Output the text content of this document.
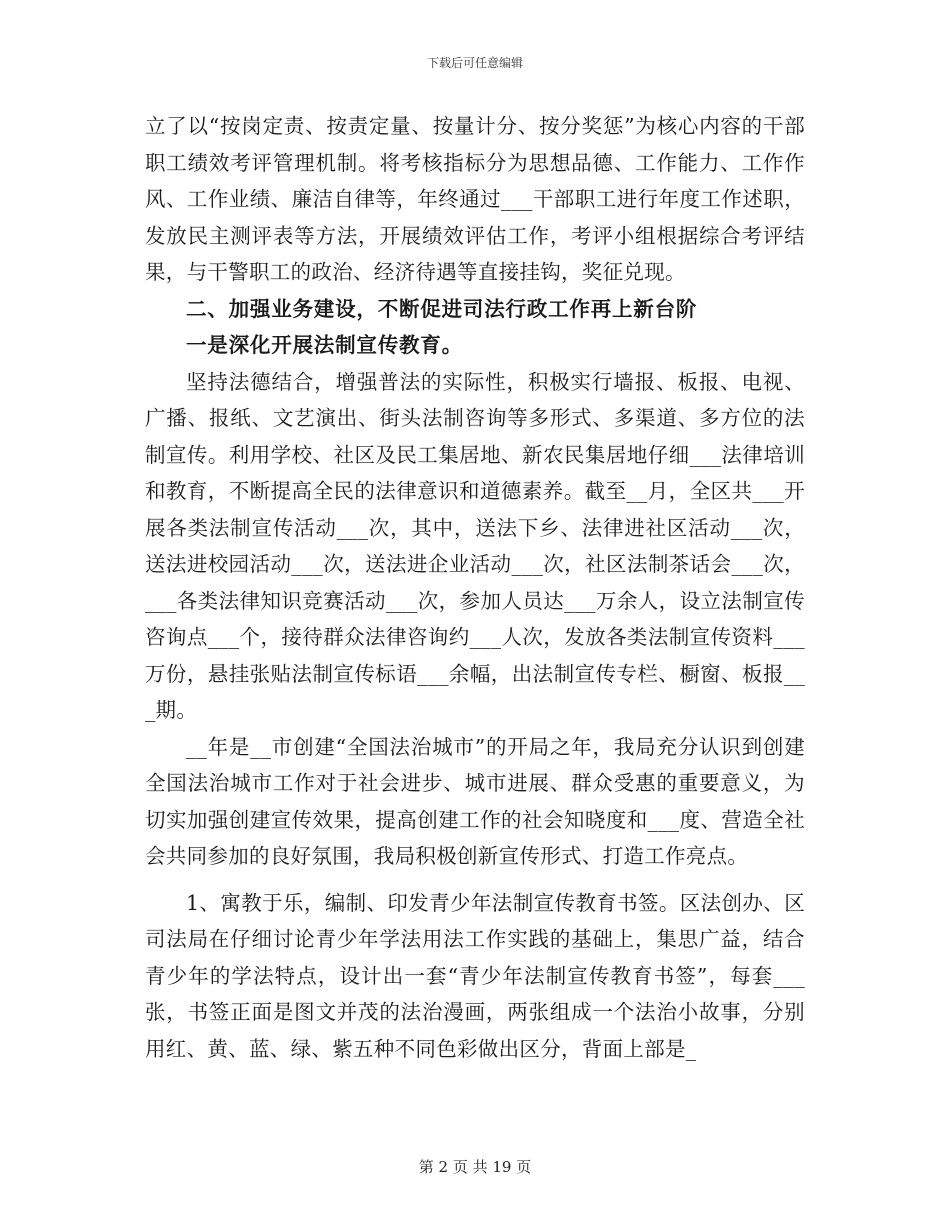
下载后可任意编辑

立了以“按岗定责、按责定量、按量计分、按分奖惩”为核心内容的干部职工绩效考评管理机制。将考核指标分为思想品德、工作能力、工作作风、工作业绩、廉洁自律等，年终通过___干部职工进行年度工作述职，发放民主测评表等方法，开展绩效评估工作，考评小组根据综合考评结果，与干警职工的政治、经济待遇等直接挂钩，奖征兑现。

二、加强业务建设，不断促进司法行政工作再上新台阶

一是深化开展法制宣传教育。

坚持法德结合，增强普法的实际性，积极实行墙报、板报、电视、广播、报纸、文艺演出、街头法制咨询等多形式、多渠道、多方位的法制宣传。利用学校、社区及民工集居地、新农民集居地仔细___法律培训和教育，不断提高全民的法律意识和道德素养。截至__月，全区共___开展各类法制宣传活动___次，其中，送法下乡、法律进社区活动___次，送法进校园活动___次，送法进企业活动___次，社区法制茶话会___次，___各类法律知识竞赛活动___次，参加人员达___万余人，设立法制宣传咨询点___个，接待群众法律咨询约___人次，发放各类法制宣传资料___万份，悬挂张贴法制宣传标语___余幅，出法制宣传专栏、橱窗、板报___期。

__年是__市创建“全国法治城市”的开局之年，我局充分认识到创建全国法治城市工作对于社会进步、城市进展、群众受惠的重要意义，为切实加强创建宣传效果，提高创建工作的社会知晓度和___度、营造全社会共同参加的良好氛围，我局积极创新宣传形式、打造工作亮点。

1、寓教于乐，编制、印发青少年法制宣传教育书签。区法创办、区司法局在仔细讨论青少年学法用法工作实践的基础上，集思广益，结合青少年的学法特点，设计出一套“青少年法制宣传教育书签”，每套___张，书签正面是图文并茂的法治漫画，两张组成一个法治小故事，分别用红、黄、蓝、绿、紫五种不同色彩做出区分，背面上部是_

第 2 页 共 19 页
